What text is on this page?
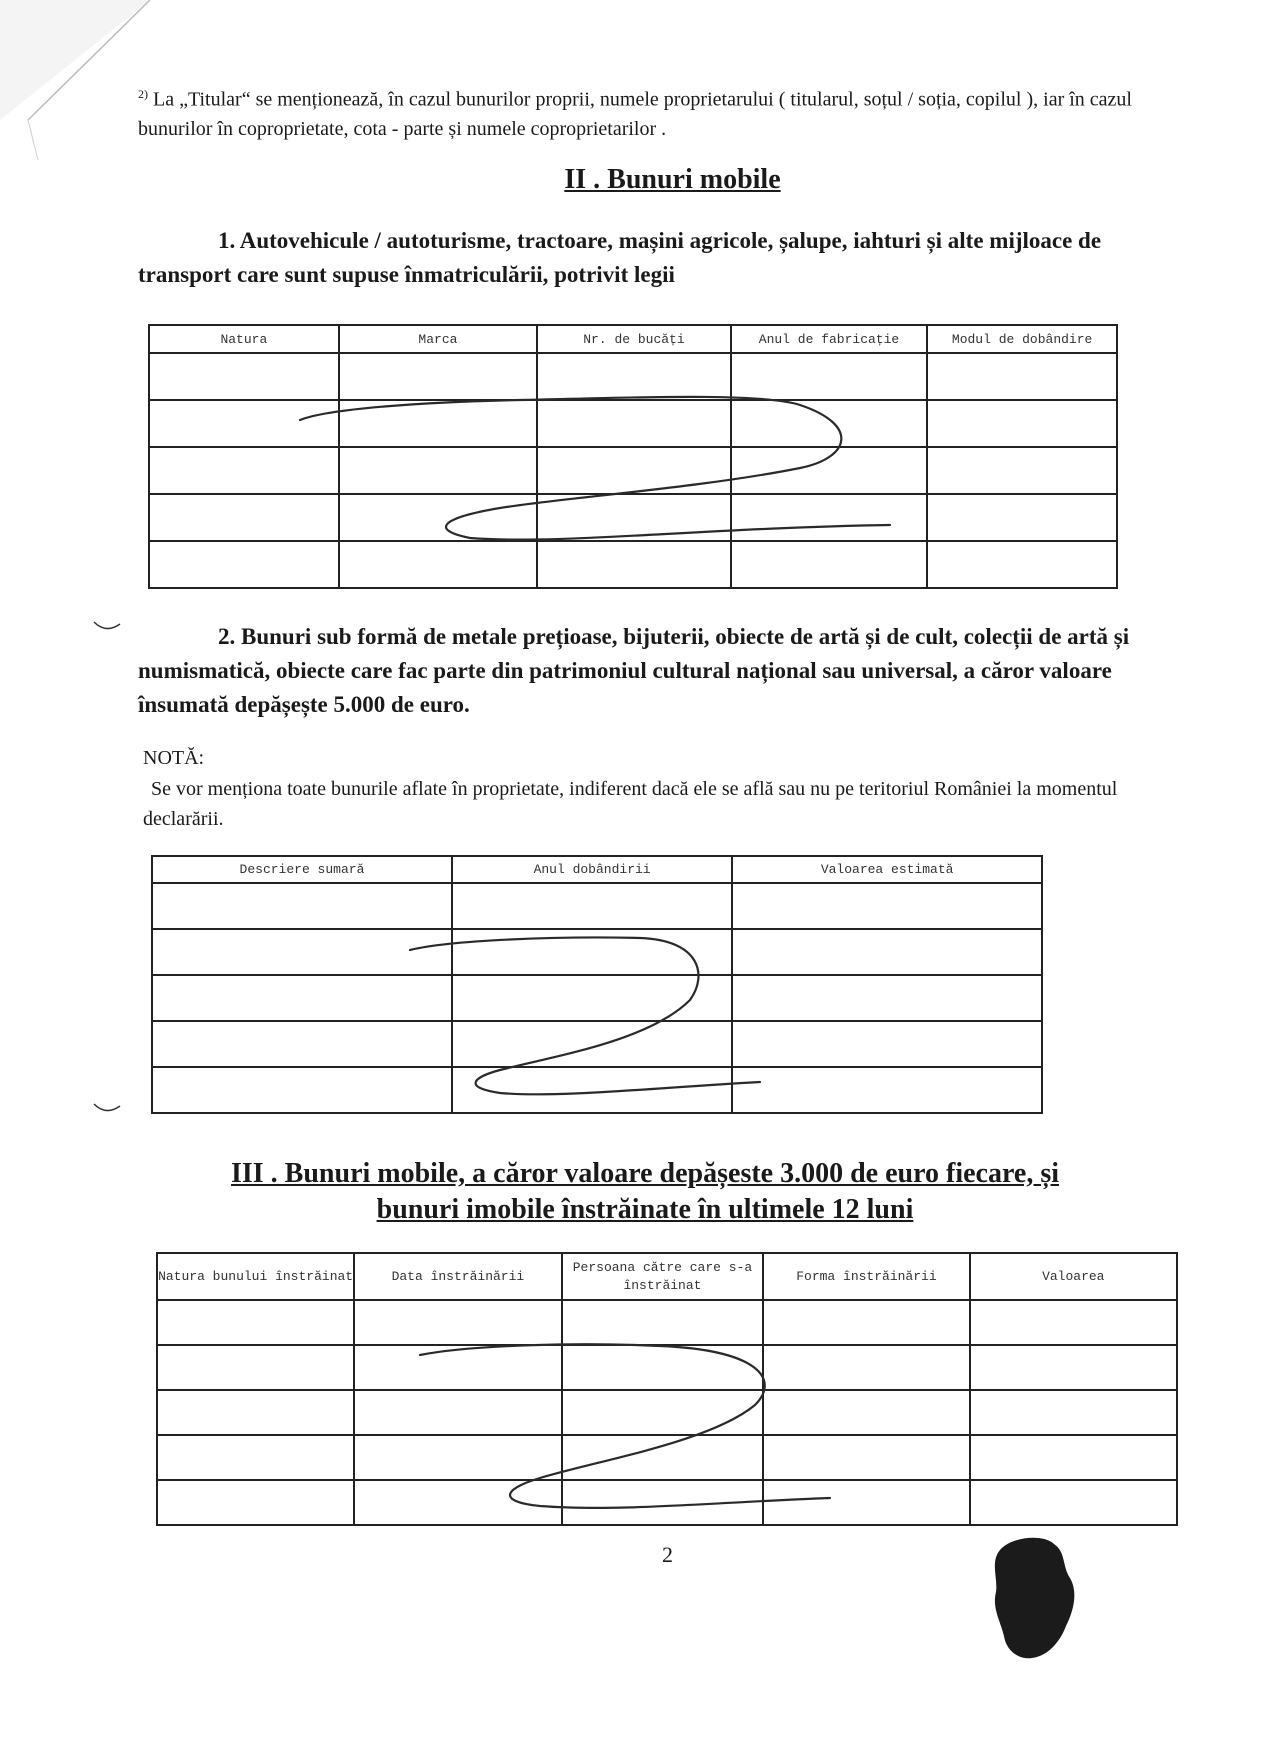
$^{2)}$ La „Titular“ se menționează, în cazul bunurilor proprii, numele proprietarului ( titularul, soțul / soția, copilul ), iar în cazul bunurilor în coproprietate, cota - parte și numele coproprietarilor .

II . Bunuri mobile

1. Autovehicule / autoturisme, tractoare, mașini agricole, șalupe, iahturi și alte mijloace de transport care sunt supuse înmatriculării, potrivit legii

Natura	Marca	Nr. de bucăți	Anul de fabricație	Modul de dobândire

2. Bunuri sub formă de metale prețioase, bijuterii, obiecte de artă și de cult, colecții de artă și numismatică, obiecte care fac parte din patrimoniul cultural național sau universal, a căror valoare însumată depășește 5.000 de euro.

NOTĂ:

Se vor menționa toate bunurile aflate în proprietate, indiferent dacă ele se află sau nu pe teritoriul României la momentul declarării.

Descriere sumară	Anul dobândirii	Valoarea estimată

III . Bunuri mobile, a căror valoare depășeste 3.000 de euro fiecare, și
bunuri imobile înstrăinate în ultimele 12 luni

Natura bunului înstrăinat	Data înstrăinării	Persoana către care s-a înstrăinat	Forma înstrăinării	Valoarea

2
